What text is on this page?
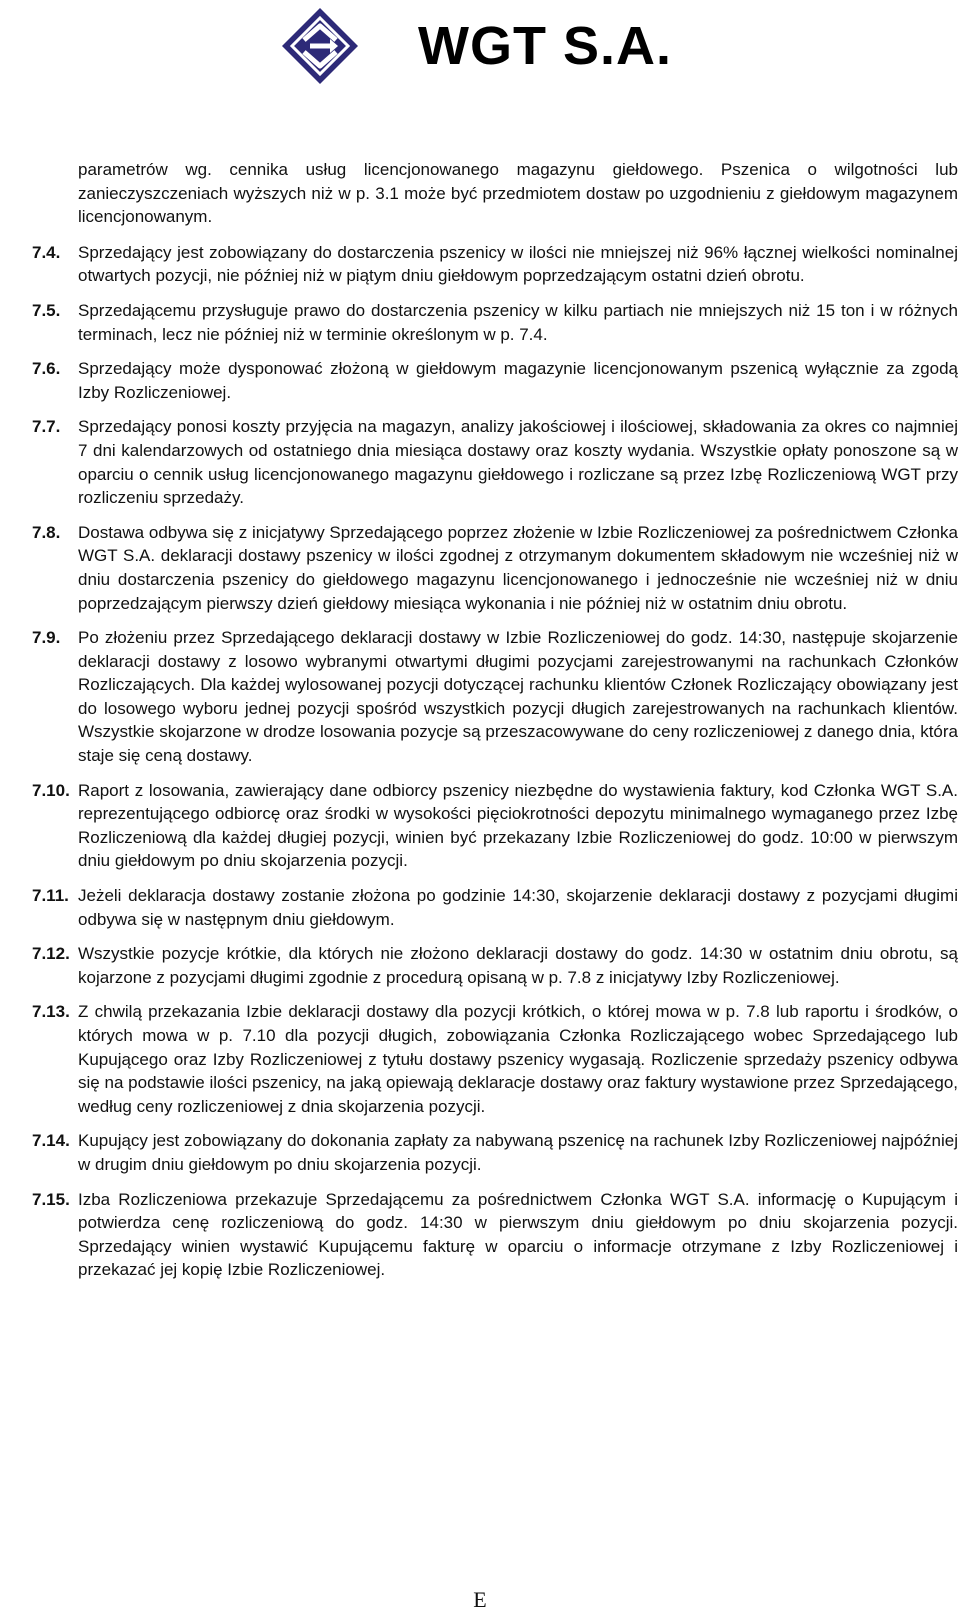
WGT S.A.
parametrów wg. cennika usług licencjonowanego magazynu giełdowego. Pszenica o wilgotności lub zanieczyszczeniach wyższych niż w p. 3.1 może być przedmiotem dostaw po uzgodnieniu z giełdowym magazynem licencjonowanym.
7.4. Sprzedający jest zobowiązany do dostarczenia pszenicy w ilości nie mniejszej niż 96% łącznej wielkości nominalnej otwartych pozycji, nie później niż w piątym dniu giełdowym poprzedzającym ostatni dzień obrotu.
7.5. Sprzedającemu przysługuje prawo do dostarczenia pszenicy w kilku partiach nie mniejszych niż 15 ton i w różnych terminach, lecz nie później niż w terminie określonym w p. 7.4.
7.6. Sprzedający może dysponować złożoną w giełdowym magazynie licencjonowanym pszenicą wyłącznie za zgodą Izby Rozliczeniowej.
7.7. Sprzedający ponosi koszty przyjęcia na magazyn, analizy jakościowej i ilościowej, składowania za okres co najmniej 7 dni kalendarzowych od ostatniego dnia miesiąca dostawy oraz koszty wydania. Wszystkie opłaty ponoszone są w oparciu o cennik usług licencjonowanego magazynu giełdowego i rozliczane są przez Izbę Rozliczeniową WGT przy rozliczeniu sprzedaży.
7.8. Dostawa odbywa się z inicjatywy Sprzedającego poprzez złożenie w Izbie Rozliczeniowej za pośrednictwem Członka WGT S.A. deklaracji dostawy pszenicy w ilości zgodnej z otrzymanym dokumentem składowym nie wcześniej niż w dniu dostarczenia pszenicy do giełdowego magazynu licencjonowanego i jednocześnie nie wcześniej niż w dniu poprzedzającym pierwszy dzień giełdowy miesiąca wykonania i nie później niż w ostatnim dniu obrotu.
7.9. Po złożeniu przez Sprzedającego deklaracji dostawy w Izbie Rozliczeniowej do godz. 14:30, następuje skojarzenie deklaracji dostawy z losowo wybranymi otwartymi długimi pozycjami zarejestrowanymi na rachunkach Członków Rozliczających. Dla każdej wylosowanej pozycji dotyczącej rachunku klientów Członek Rozliczający obowiązany jest do losowego wyboru jednej pozycji spośród wszystkich pozycji długich zarejestrowanych na rachunkach klientów. Wszystkie skojarzone w drodze losowania pozycje są przeszacowywane do ceny rozliczeniowej z danego dnia, która staje się ceną dostawy.
7.10. Raport z losowania, zawierający dane odbiorcy pszenicy niezbędne do wystawienia faktury, kod Członka WGT S.A. reprezentującego odbiorcę oraz środki w wysokości pięciokrotności depozytu minimalnego wymaganego przez Izbę Rozliczeniową dla każdej długiej pozycji, winien być przekazany Izbie Rozliczeniowej do godz. 10:00 w pierwszym dniu giełdowym po dniu skojarzenia pozycji.
7.11. Jeżeli deklaracja dostawy zostanie złożona po godzinie 14:30, skojarzenie deklaracji dostawy z pozycjami długimi odbywa się w następnym dniu giełdowym.
7.12. Wszystkie pozycje krótkie, dla których nie złożono deklaracji dostawy do godz. 14:30 w ostatnim dniu obrotu, są kojarzone z pozycjami długimi zgodnie z procedurą opisaną w p. 7.8 z inicjatywy Izby Rozliczeniowej.
7.13. Z chwilą przekazania Izbie deklaracji dostawy dla pozycji krótkich, o której mowa w p. 7.8 lub raportu i środków, o których mowa w p. 7.10 dla pozycji długich, zobowiązania Członka Rozliczającego wobec Sprzedającego lub Kupującego oraz Izby Rozliczeniowej z tytułu dostawy pszenicy wygasają. Rozliczenie sprzedaży pszenicy odbywa się na podstawie ilości pszenicy, na jaką opiewają deklaracje dostawy oraz faktury wystawione przez Sprzedającego, według ceny rozliczeniowej z dnia skojarzenia pozycji.
7.14. Kupujący jest zobowiązany do dokonania zapłaty za nabywaną pszenicę na rachunek Izby Rozliczeniowej najpóźniej w drugim dniu giełdowym po dniu skojarzenia pozycji.
7.15. Izba Rozliczeniowa przekazuje Sprzedającemu za pośrednictwem Członka WGT S.A. informację o Kupującym i potwierdza cenę rozliczeniową do godz. 14:30 w pierwszym dniu giełdowym po dniu skojarzenia pozycji. Sprzedający winien wystawić Kupującemu fakturę w oparciu o informacje otrzymane z Izby Rozliczeniowej i przekazać jej kopię Izbie Rozliczeniowej.
E
